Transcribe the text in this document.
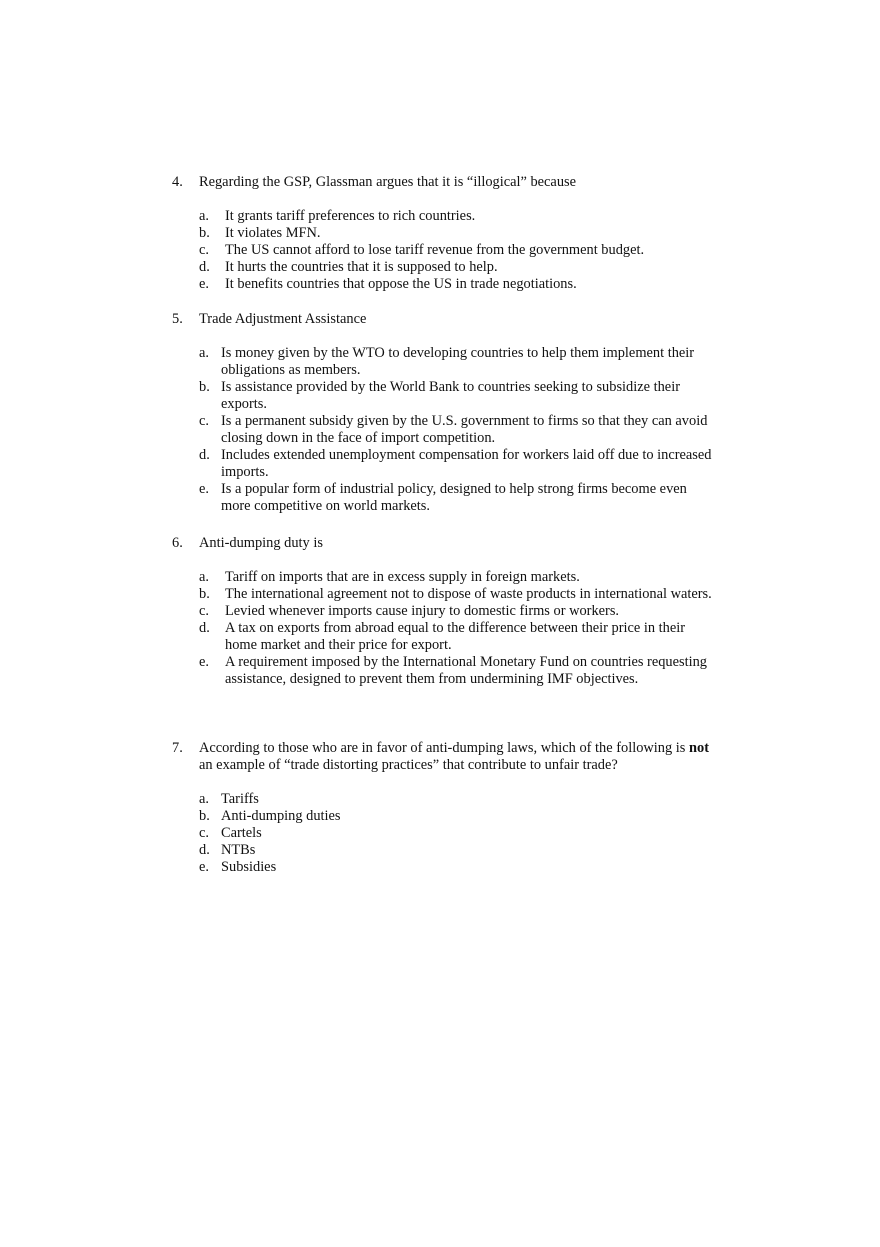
4. Regarding the GSP, Glassman argues that it is “illogical” because
a. It grants tariff preferences to rich countries.
b. It violates MFN.
c. The US cannot afford to lose tariff revenue from the government budget.
d. It hurts the countries that it is supposed to help.
e. It benefits countries that oppose the US in trade negotiations.
5. Trade Adjustment Assistance
a. Is money given by the WTO to developing countries to help them implement their obligations as members.
b. Is assistance provided by the World Bank to countries seeking to subsidize their exports.
c. Is a permanent subsidy given by the U.S. government to firms so that they can avoid closing down in the face of import competition.
d. Includes extended unemployment compensation for workers laid off due to increased imports.
e. Is a popular form of industrial policy, designed to help strong firms become even more competitive on world markets.
6. Anti-dumping duty is
a. Tariff on imports that are in excess supply in foreign markets.
b. The international agreement not to dispose of waste products in international waters.
c. Levied whenever imports cause injury to domestic firms or workers.
d. A tax on exports from abroad equal to the difference between their price in their home market and their price for export.
e. A requirement imposed by the International Monetary Fund on countries requesting assistance, designed to prevent them from undermining IMF objectives.
7. According to those who are in favor of anti-dumping laws, which of the following is not an example of “trade distorting practices” that contribute to unfair trade?
a. Tariffs
b. Anti-dumping duties
c. Cartels
d. NTBs
e. Subsidies
